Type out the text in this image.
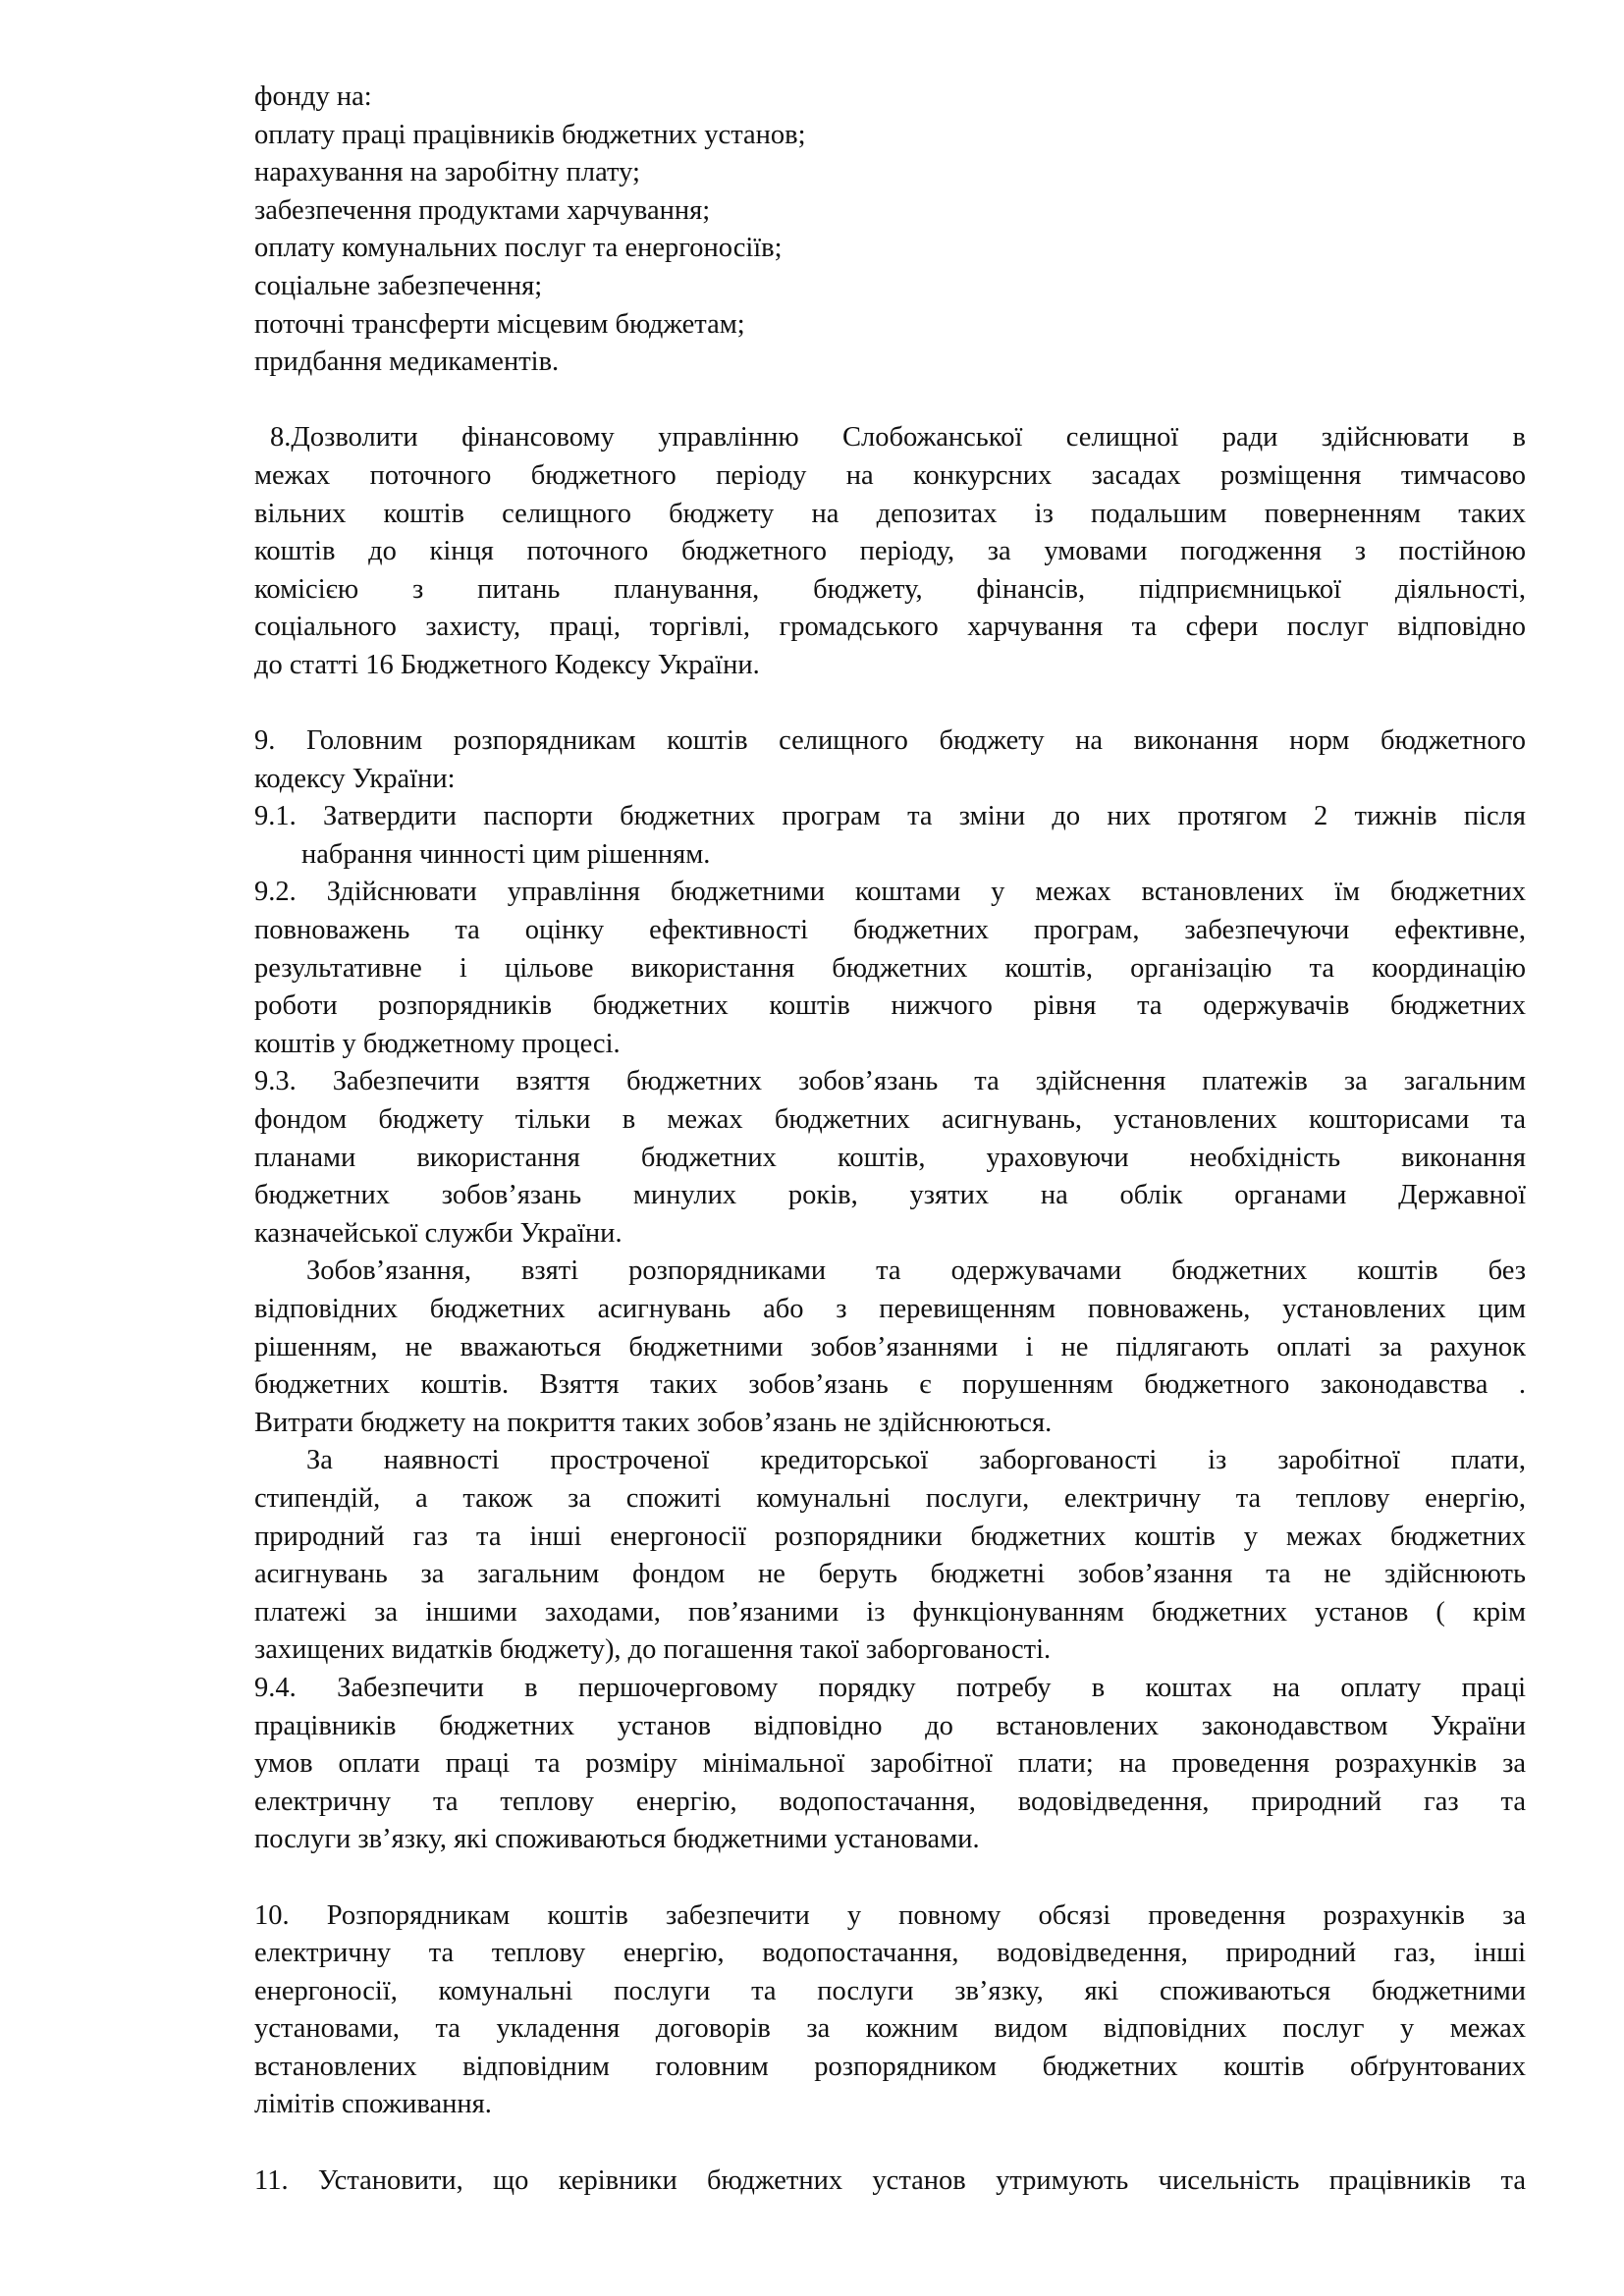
фонду на:
оплату праці працівників бюджетних установ;
нарахування на заробітну плату;
забезпечення продуктами харчування;
оплату комунальних послуг та енергоносіїв;
соціальне забезпечення;
поточні трансферти місцевим бюджетам;
придбання медикаментів.
8.Дозволити фінансовому управлінню Слобожанської селищної ради здійснювати в
межах поточного бюджетного періоду на конкурсних засадах розміщення тимчасово
вільних коштів селищного бюджету на депозитах із подальшим поверненням таких
коштів до кінця поточного бюджетного періоду, за умовами погодження з постійною
комісією з питань планування, бюджету, фінансів, підприємницької діяльності,
соціального захисту, праці, торгівлі, громадського харчування та сфери послуг відповідно
до статті 16 Бюджетного Кодексу України.
9. Головним розпорядникам коштів селищного бюджету на виконання норм бюджетного
кодексу України:
9.1. Затвердити паспорти бюджетних програм та зміни до них протягом 2 тижнів після
набрання чинності цим рішенням.
9.2. Здійснювати управління бюджетними коштами у межах встановлених їм бюджетних
повноважень та оцінку ефективності бюджетних програм, забезпечуючи ефективне,
результативне і цільове використання бюджетних коштів, організацію та координацію
роботи розпорядників бюджетних коштів нижчого рівня та одержувачів бюджетних
коштів у бюджетному процесі.
9.3. Забезпечити взяття бюджетних зобов’язань та здійснення платежів за загальним
фондом бюджету тільки в межах бюджетних асигнувань, установлених кошторисами та
планами використання бюджетних коштів, ураховуючи необхідність виконання
бюджетних зобов’язань минулих років, узятих на облік органами Державної
казначейської служби України.
Зобов’язання, взяті розпорядниками та одержувачами бюджетних коштів без
відповідних бюджетних асигнувань або з перевищенням повноважень, установлених цим
рішенням, не вважаються бюджетними зобов’язаннями і не підлягають оплаті за рахунок
бюджетних коштів. Взяття таких зобов’язань є порушенням бюджетного законодавства .
Витрати бюджету на покриття таких зобов’язань не здійснюються.
За наявності простроченої кредиторської заборгованості із заробітної плати,
стипендій, а також за спожиті комунальні послуги, електричну та теплову енергію,
природний газ та інші енергоносії розпорядники бюджетних коштів у межах бюджетних
асигнувань за загальним фондом не беруть бюджетні зобов’язання та не здійснюють
платежі за іншими заходами, пов’язаними із функціонуванням бюджетних установ ( крім
захищених видатків бюджету), до погашення такої заборгованості.
9.4. Забезпечити в першочерговому порядку потребу в коштах на оплату праці
працівників бюджетних установ відповідно до встановлених законодавством України
умов оплати праці та розміру мінімальної заробітної плати; на проведення розрахунків за
електричну та теплову енергію, водопостачання, водовідведення, природний газ та
послуги зв’язку, які споживаються бюджетними установами.
10. Розпорядникам коштів забезпечити у повному обсязі проведення розрахунків за
електричну та теплову енергію, водопостачання, водовідведення, природний газ, інші
енергоносії, комунальні послуги та послуги зв’язку, які споживаються бюджетними
установами, та укладення договорів за кожним видом відповідних послуг у межах
встановлених відповідним головним розпорядником бюджетних коштів обґрунтованих
лімітів споживання.
11. Установити, що керівники бюджетних установ утримують чисельність працівників та
